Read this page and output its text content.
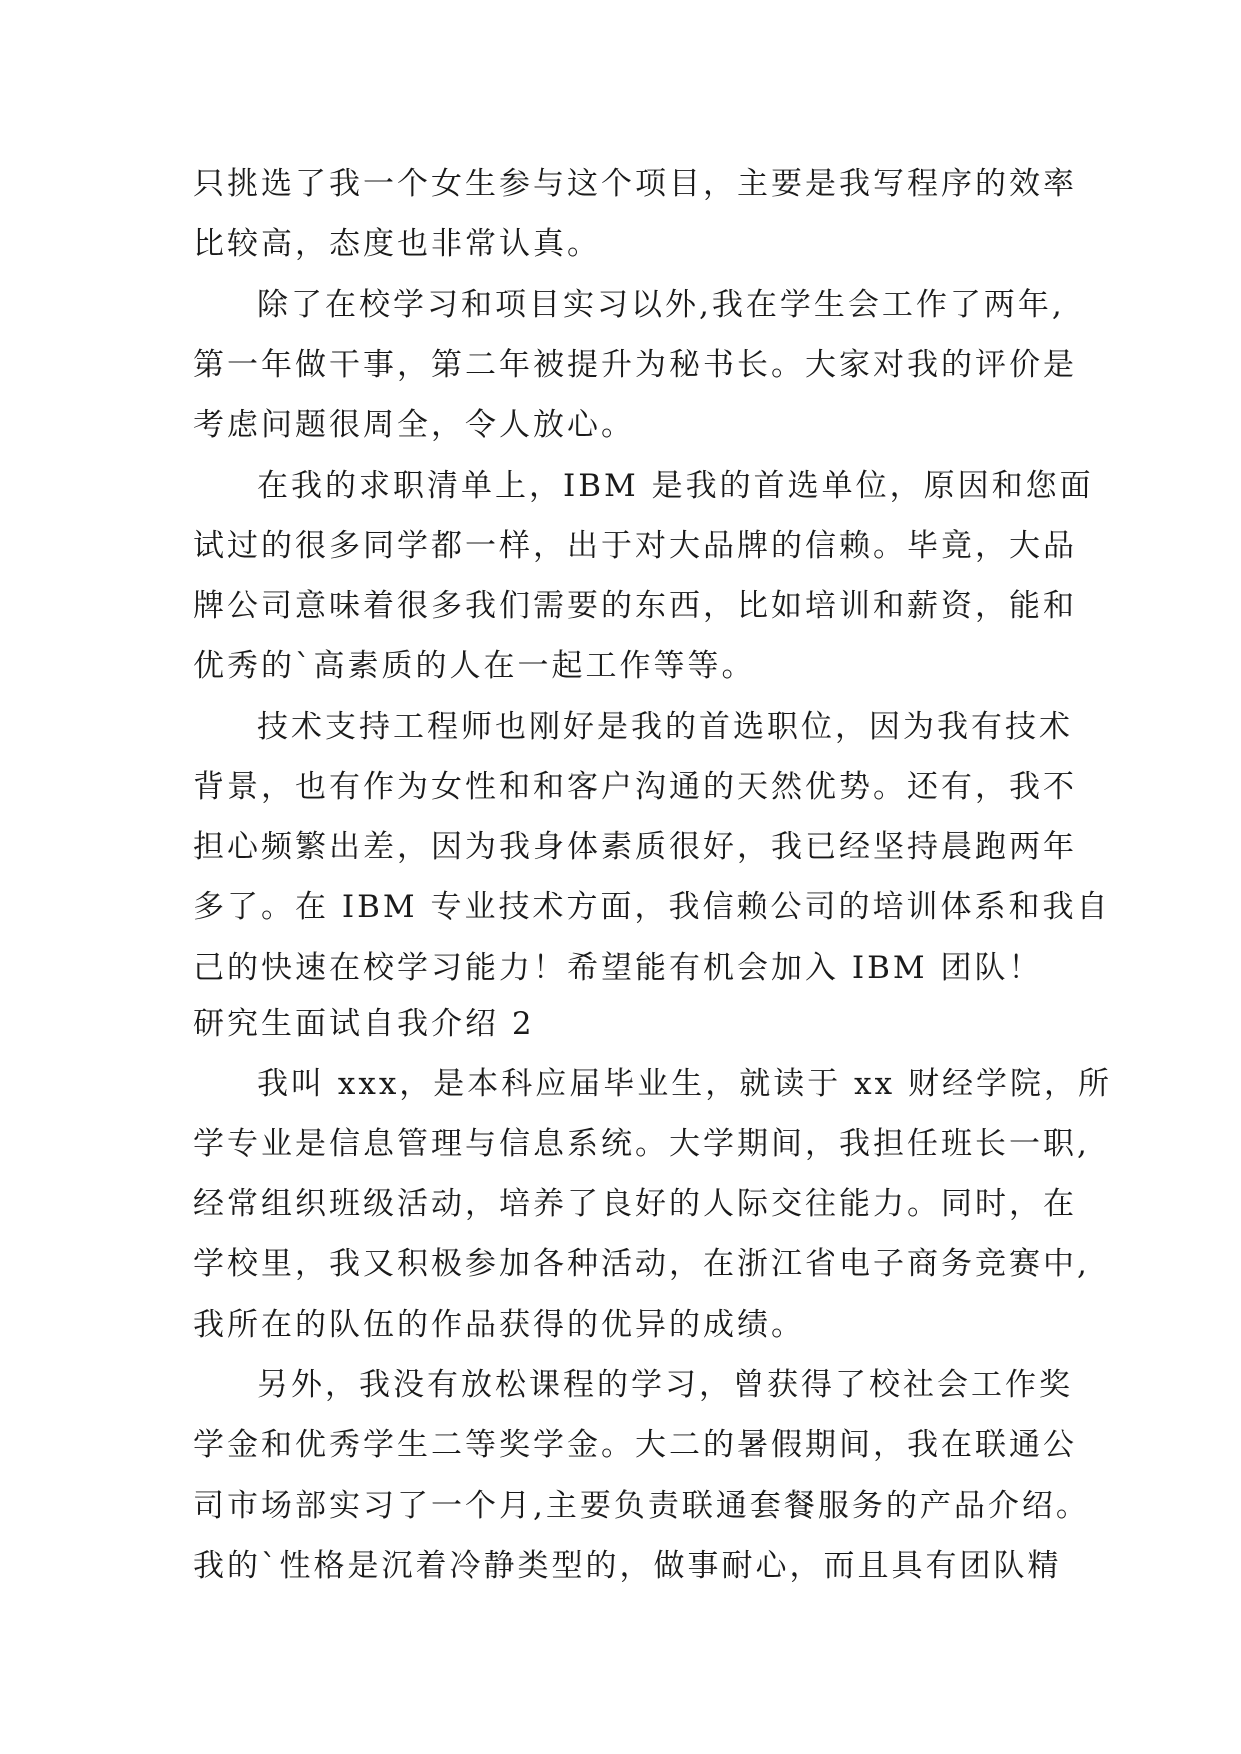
只挑选了我一个女生参与这个项目，主要是我写程序的效率
比较高，态度也非常认真。
除了在校学习和项目实习以外,我在学生会工作了两年,
第一年做干事，第二年被提升为秘书长。大家对我的评价是
考虑问题很周全，令人放心。
在我的求职清单上，IBM 是我的首选单位，原因和您面
试过的很多同学都一样，出于对大品牌的信赖。毕竟，大品
牌公司意味着很多我们需要的东西，比如培训和薪资，能和
优秀的`高素质的人在一起工作等等。
技术支持工程师也刚好是我的首选职位，因为我有技术
背景，也有作为女性和和客户沟通的天然优势。还有，我不
担心频繁出差，因为我身体素质很好，我已经坚持晨跑两年
多了。在 IBM 专业技术方面，我信赖公司的培训体系和我自
己的快速在校学习能力！希望能有机会加入 IBM 团队！
研究生面试自我介绍 2
我叫 xxx，是本科应届毕业生，就读于 xx 财经学院，所
学专业是信息管理与信息系统。大学期间，我担任班长一职,
经常组织班级活动，培养了良好的人际交往能力。同时，在
学校里，我又积极参加各种活动，在浙江省电子商务竞赛中,
我所在的队伍的作品获得的优异的成绩。
另外，我没有放松课程的学习，曾获得了校社会工作奖
学金和优秀学生二等奖学金。大二的暑假期间，我在联通公
司市场部实习了一个月,主要负责联通套餐服务的产品介绍。
我的`性格是沉着冷静类型的，做事耐心，而且具有团队精
